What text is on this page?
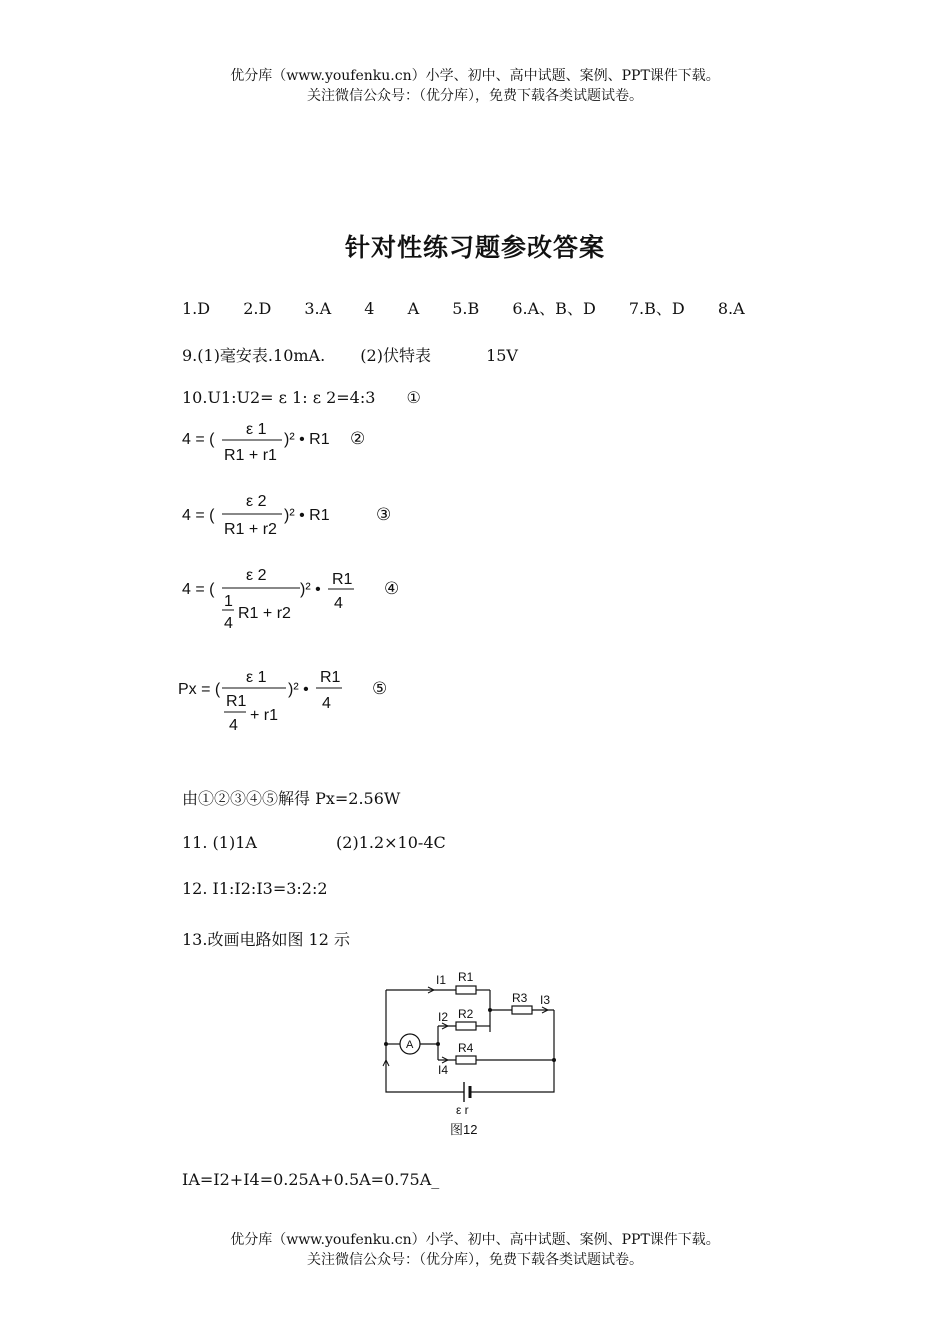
优分库（www.youfenku.cn）小学、初中、高中试题、案例、PPT课件下载。
关注微信公众号：（优分库），免费下载各类试题试卷。
针对性练习题参改答案
1.D 2.D 3.A 4 A 5.B 6.A、B、D 7.B、D 8.A
9.(1)毫安表.10mA. (2)伏特表	15V
10.U1:U2= ε 1: ε 2=4:3 ①
4 = (
ε 1
R1 + r1
)² • R1 ②
4 = (
ε 2
R1 + r2
)² • R1	③
4 = (
ε 2
1
4
R1 + r2
)² •
R1
4
④
Px = (
ε 1
R1
4
+ r1
)² •
R1
4
⑤
由①②③④⑤解得 Px=2.56W
11. (1)1A	(2)1.2×10-4C
12. I1:I2:I3=3:2:2
13.改画电路如图 12 示
A
I1 R1
R3 I3
I2 R2
R4
I4
ε r
图12
IA=I2+I4=0.25A+0.5A=0.75A_
优分库（www.youfenku.cn）小学、初中、高中试题、案例、PPT课件下载。
关注微信公众号：（优分库），免费下载各类试题试卷。
